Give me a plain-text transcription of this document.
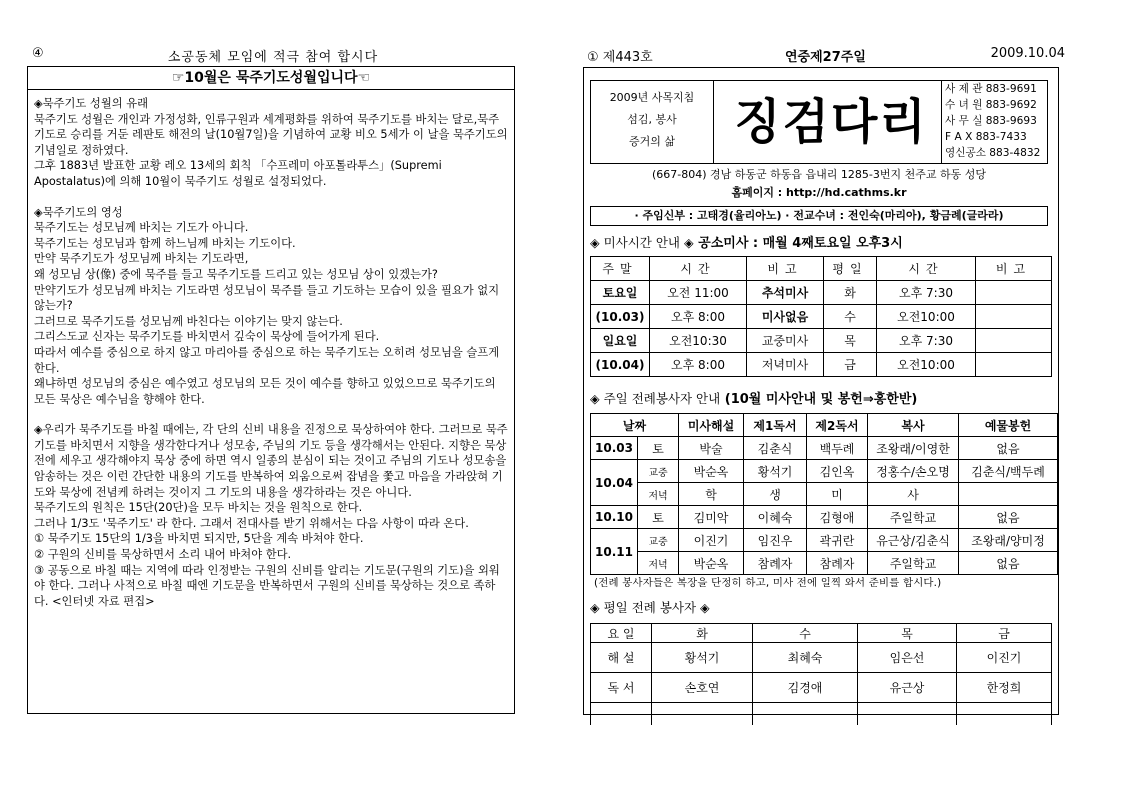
④	소공동체 모임에 적극 참여 합시다
☞10월은 묵주기도성월입니다☜

◈묵주기도 성월의 유래

묵주기도 성월은 개인과 가정성화, 인류구원과 세계평화를 위하여 묵주기도를 바치는 달로,묵주기도로 승리를 거둔 레판토 해전의 날(10월7일)을 기념하여 교황 비오 5세가 이 날을 묵주기도의 기념일로 정하였다.

그후 1883년 발표한 교황 레오 13세의 회칙 「수프레미 아포톨라투스」(Supremi Apostalatus)에 의해 10월이 묵주기도 성월로 설정되었다.

◈묵주기도의 영성

묵주기도는 성모님께 바치는 기도가 아니다.

묵주기도는 성모님과 함께 하느님께 바치는 기도이다.

만약 묵주기도가 성모님께 바치는 기도라면,

왜 성모님 상(像) 중에 묵주를 들고 묵주기도를 드리고 있는 성모님 상이 있겠는가?

만약기도가 성모님께 바치는 기도라면 성모님이 묵주를 들고 기도하는 모습이 있을 필요가 없지 않는가?

그러므로 묵주기도를 성모님께 바친다는 이야기는 맞지 않는다.

그리스도교 신자는 묵주기도를 바치면서 깊숙이 묵상에 들어가게 된다.

따라서 예수를 중심으로 하지 않고 마리아를 중심으로 하는 묵주기도는 오히려 성모님을 슬프게 한다.

왜냐하면 성모님의 중심은 예수였고 성모님의 모든 것이 예수를 향하고 있었으므로 묵주기도의 모든 묵상은 예수님을 향해야 한다.

◈우리가 묵주기도를 바칠 때에는, 각 단의 신비 내용을 진정으로 묵상하여야 한다. 그러므로 묵주기도를 바치면서 지향을 생각한다거나 성모송, 주님의 기도 등을 생각해서는 안된다. 지향은 묵상 전에 세우고 생각해야지 묵상 중에 하면 역시 일종의 분심이 되는 것이고 주님의 기도나 성모송을 암송하는 것은 이런 간단한 내용의 기도를 반복하여 외움으로써 잡념을 쫓고 마음을 가라앉혀 기도와 묵상에 전념케 하려는 것이지 그 기도의 내용을 생각하라는 것은 아니다.

묵주기도의 원칙은 15단(20단)을 모두 바치는 것을 원칙으로 한다.

그러나 1/3도 '묵주기도' 라 한다. 그래서 전대사를 받기 위해서는 다음 사항이 따라 온다.

① 묵주기도 15단의 1/3을 바치면 되지만, 5단을 계속 바쳐야 한다.

② 구원의 신비를 묵상하면서 소리 내어 바쳐야 한다.

③ 공동으로 바칠 때는 지역에 따라 인정받는 구원의 신비를 알리는 기도문(구원의 기도)을 외워야 한다. 그러나 사적으로 바칠 때엔 기도문을 반복하면서 구원의 신비를 묵상하는 것으로 족하다. <인터넷 자료 편집>

① 제443호	연중제27주일	2009.10.04
2009년 사목지침
섬김, 봉사
증거의 삶	징검다리
사 제 관 883-9691
수 녀 원 883-9692
사 무 실 883-9693
F A X 883-7433
영신공소 883-4832
(667-804) 경남 하동군 하동읍 읍내리 1285-3번지 천주교 하동 성당
홈페이지 : http://hd.cathms.kr
· 주임신부 : 고태경(율리아노) · 전교수녀 : 전인숙(마리아), 황금례(글라라)
◈ 미사시간 안내 ◈ 공소미사 : 매월 4째토요일 오후3시
주말	시간	비고	평일	시간	비고
토요일	오전 11:00	추석미사	화	오후 7:30	
(10.03)	오후 8:00	미사없음	수	오전10:00	
일요일	오전10:30	교중미사	목	오후 7:30	
(10.04)	오후 8:00	저녁미사	금	오전10:00	
◈ 주일 전례봉사자 안내 (10월 미사안내 및 봉헌⇒홍한반)
날짜		미사해설	제1독서	제2독서	복사	예물봉헌
10.03	토	박술	김춘식	백두례	조왕래/이영한	없음
10.04	교중	박순옥	황석기	김인옥	정홍수/손오명	김춘식/백두례
	저녁	학	생	미	사	
10.10	토	김미악	이혜숙	김형애	주일학교	없음
10.11	교중	이진기	임진우	곽귀란	유근상/김춘식	조왕래/양미정
	저녁	박순옥	참례자	참례자	주일학교	없음
(전례 봉사자들은 복장을 단정히 하고, 미사 전에 일찍 와서 준비를 합시다.)
◈ 평일 전례 봉사자 ◈
요 일	화	수	목	금
해 설	황석기	최혜숙	임은선	이진기
독 서	손호연	김경애	유근상	한정희
